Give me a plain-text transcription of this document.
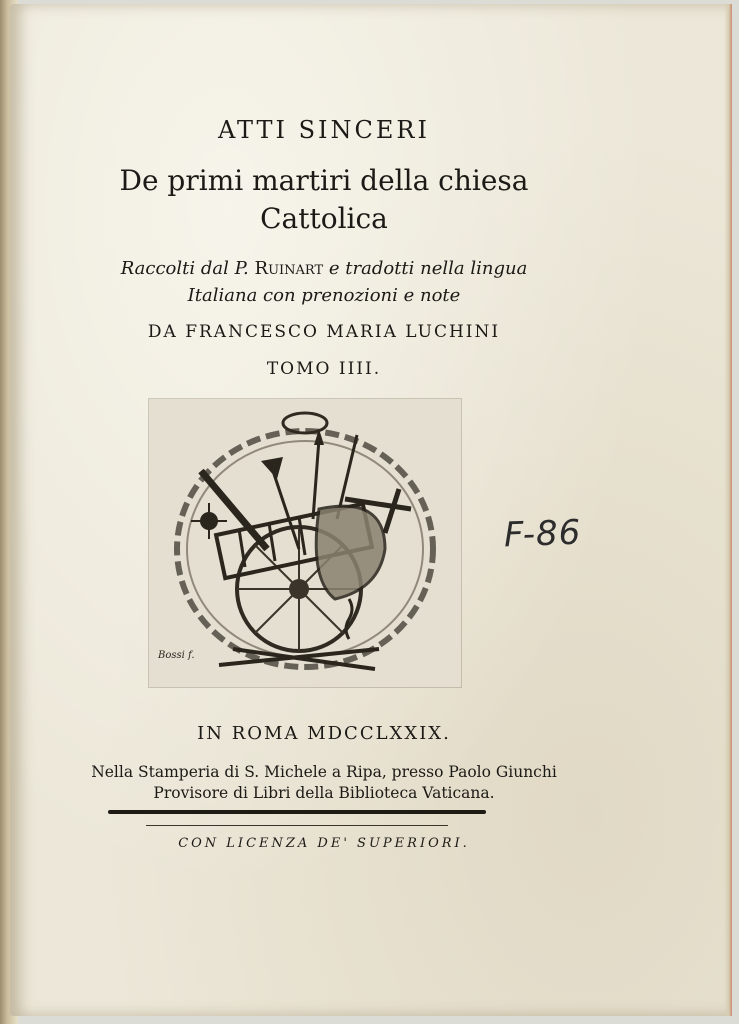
ATTI SINCERI
De primi martiri della chiesa
Cattolica
Raccolti dal P. Ruinart e tradotti nella lingua
Italiana con prenozioni e note
DA FRANCESCO MARIA LUCHINI
TOMO IIII.
Bossi f.
F-86
IN ROMA MDCCLXXIX.
Nella Stamperia di S. Michele a Ripa, presso Paolo Giunchi
Provisore di Libri della Biblioteca Vaticana.
CON LICENZA DE' SUPERIORI.
